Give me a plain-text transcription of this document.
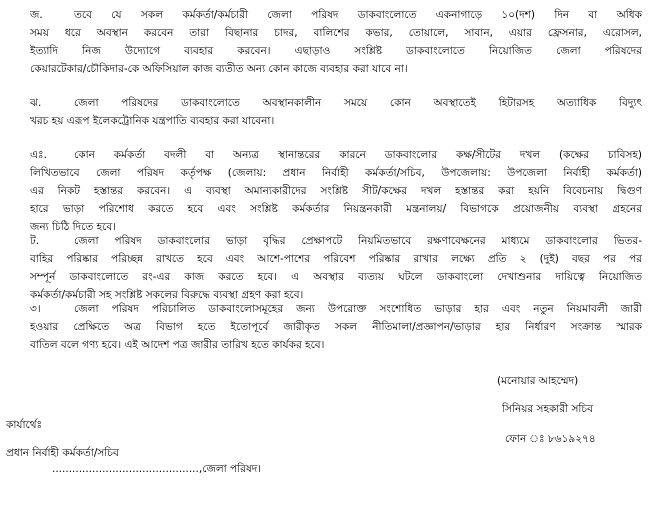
জ.	তবে যে সকল কর্মকর্তা/কর্মচারী জেলা পরিষদ ডাকবাংলোতে একনাগাড়ে ১০(দশ) দিন বা অধিক
সময় ধরে অবস্থান করবেন তারা বিছানার চাদর, বালিশের কভার, তোয়ালে, সাবান, এয়ার ফ্রেসনার, এরোসল,
ইত্যাদি নিজ উদ্যোগে ব্যবহার করবেন। এছাড়াও সংশ্লিষ্ট ডাকবাংলোতে নিয়োজিত জেলা পরিষদের
কেয়ারটেকার/চৌকিদার-কে অফিসিয়াল কাজ ব্যতীত অন্য কোন কাজে ব্যবহার করা যাবে না।
ঝ.	জেলা পরিষদের ডাকবাংলোতে অবস্থানকালীন সময়ে কোন অবস্থাতেই হিটারসহ অত্যাধিক বিদ্যুৎ
খরচ হয় এরূপ ইলেকট্রোনিক যন্ত্রপাতি ব্যবহার করা যাবেনা।
এঃ.	কোন কর্মকর্তা বদলী বা অন্যত্র স্থানান্তরের কারনে ডাকবাংলোর কক্ষ/সীটের দখল (কক্ষের চাবিসহ)
লিখিতভাবে জেলা পরিষদ কর্তৃপক্ষ (জেলায়: প্রধান নির্বাহী কর্মকর্তা/সচিব, উপজেলায়: উপজেলা নির্বাহী কর্মকর্তা)
এর নিকট হস্তান্তর করবেন। এ ব্যবস্থা অমান্যকারীদের সংশ্লিষ্ট সীট/কক্ষের দখল হস্তান্তর করা হয়নি বিবেচনায় দ্বিগুণ
হারে ভাড়া পরিশোধ করতে হবে এবং সংশ্লিষ্ট কর্মকর্তার নিয়ন্ত্রনকারী মন্ত্রনালয়/ বিভাগকে প্রয়োজনীয় ব্যবস্থা গ্রহনের
জন্য চিঠি দিতে হবে।
ট.	জেলা পরিষদ ডাকবাংলোর ভাড়া বৃদ্ধির প্রেক্ষাপটে নিয়মিতভাবে রক্ষণাবেক্ষনের মাধ্যমে ডাকবাংলোর ভিতর-
বাহির পরিষ্কার পরিচ্ছন্ন রাখতে হবে এবং আশে-পাশের পরিবেশ পরিষ্কার রাখার লক্ষ্যে প্রতি ২ (দুই) বছর পর পর
সম্পূর্ন ডাকবাংলোতে রং-এর কাজ করতে হবে। এ অবস্থার ব্যত্যয় ঘটলে ডাকবাংলো দেখাশুনার দায়িত্বে নিয়োজিত
কর্মকর্তা/কর্মচারী সহ সংশ্লিষ্ট সকলের বিরুদ্ধে ব্যবস্থা গ্রহণ করা হবে।
৩।	জেলা পরিষদ পরিচালিত ডাকবাংলোসমূহের জন্য উপরোক্ত সংশোধিত ভাড়ার হার এবং নতুন নিয়মাবলী জারী
হওয়ার প্রেক্ষিতে অত্র বিভাগ হতে ইতোপূর্বে জারীকৃত সকল নীতিমালা/প্রজ্ঞাপন/ভাড়ার হার নির্ধারণ সংক্রান্ত স্মারক
বাতিল বলে গণ্য হবে। এই আদেশ পত্র জারীর তারিখ হতে কার্যকর হবে।
(মনোয়ার আহম্মেদ)
সিনিয়র সহকারী সচিব
কার্যার্থেঃ
ফোন ঃ ৮৬১৯২৭৪
প্রধান নির্বাহী কর্মকর্তা/সচিব
............................................,জেলা পরিষদ।
